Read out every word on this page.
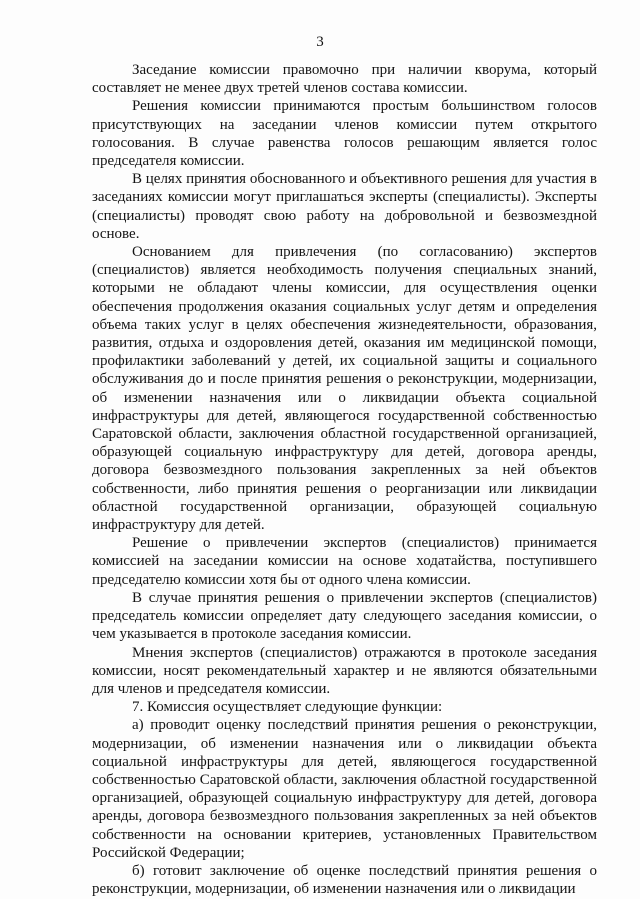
3

Заседание комиссии правомочно при наличии кворума, который составляет не менее двух третей членов состава комиссии.

Решения комиссии принимаются простым большинством голосов присутствующих на заседании членов комиссии путем открытого голосования. В случае равенства голосов решающим является голос председателя комиссии.

В целях принятия обоснованного и объективного решения для участия в заседаниях комиссии могут приглашаться эксперты (специалисты). Эксперты (специалисты) проводят свою работу на добровольной и безвозмездной основе.

Основанием для привлечения (по согласованию) экспертов (специалистов) является необходимость получения специальных знаний, которыми не обладают члены комиссии, для осуществления оценки обеспечения продолжения оказания социальных услуг детям и определения объема таких услуг в целях обеспечения жизнедеятельности, образования, развития, отдыха и оздоровления детей, оказания им медицинской помощи, профилактики заболеваний у детей, их социальной защиты и социального обслуживания до и после принятия решения о реконструкции, модернизации, об изменении назначения или о ликвидации объекта социальной инфраструктуры для детей, являющегося государственной собственностью Саратовской области, заключения областной государственной организацией, образующей социальную инфраструктуру для детей, договора аренды, договора безвозмездного пользования закрепленных за ней объектов собственности, либо принятия решения о реорганизации или ликвидации областной государственной организации, образующей социальную инфраструктуру для детей.

Решение о привлечении экспертов (специалистов) принимается комиссией на заседании комиссии на основе ходатайства, поступившего председателю комиссии хотя бы от одного члена комиссии.

В случае принятия решения о привлечении экспертов (специалистов) председатель комиссии определяет дату следующего заседания комиссии, о чем указывается в протоколе заседания комиссии.

Мнения экспертов (специалистов) отражаются в протоколе заседания комиссии, носят рекомендательный характер и не являются обязательными для членов и председателя комиссии.

7. Комиссия осуществляет следующие функции:

а) проводит оценку последствий принятия решения о реконструкции, модернизации, об изменении назначения или о ликвидации объекта социальной инфраструктуры для детей, являющегося государственной собственностью Саратовской области, заключения областной государственной организацией, образующей социальную инфраструктуру для детей, договора аренды, договора безвозмездного пользования закрепленных за ней объектов собственности на основании критериев, установленных Правительством Российской Федерации;

б) готовит заключение об оценке последствий принятия решения о реконструкции, модернизации, об изменении назначения или о ликвидации
